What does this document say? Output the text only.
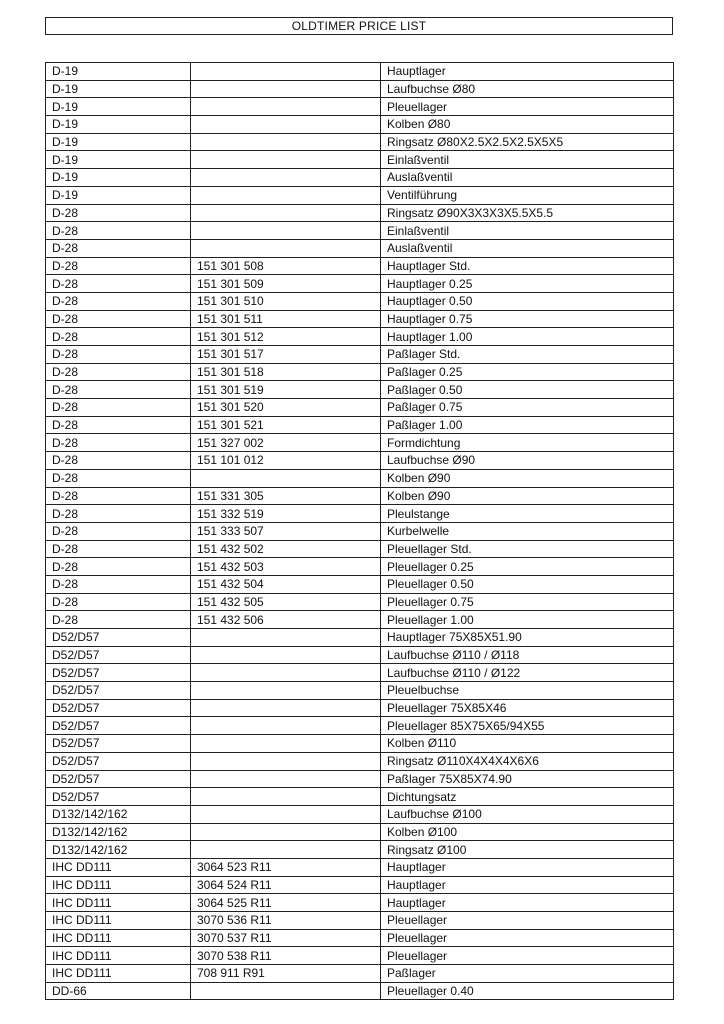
OLDTIMER PRICE LIST
D-19		Hauptlager
D-19		Laufbuchse Ø80
D-19		Pleuellager
D-19		Kolben Ø80
D-19		Ringsatz Ø80X2.5X2.5X2.5X5X5
D-19		Einlaßventil
D-19		Auslaßventil
D-19		Ventilführung
D-28		Ringsatz Ø90X3X3X3X5.5X5.5
D-28		Einlaßventil
D-28		Auslaßventil
D-28	151 301 508	Hauptlager Std.
D-28	151 301 509	Hauptlager 0.25
D-28	151 301 510	Hauptlager 0.50
D-28	151 301 511	Hauptlager 0.75
D-28	151 301 512	Hauptlager 1.00
D-28	151 301 517	Paßlager Std.
D-28	151 301 518	Paßlager 0.25
D-28	151 301 519	Paßlager 0.50
D-28	151 301 520	Paßlager 0.75
D-28	151 301 521	Paßlager 1.00
D-28	151 327 002	Formdichtung
D-28	151 101 012	Laufbuchse Ø90
D-28		Kolben Ø90
D-28	151 331 305	Kolben Ø90
D-28	151 332 519	Pleulstange
D-28	151 333 507	Kurbelwelle
D-28	151 432 502	Pleuellager Std.
D-28	151 432 503	Pleuellager 0.25
D-28	151 432 504	Pleuellager 0.50
D-28	151 432 505	Pleuellager 0.75
D-28	151 432 506	Pleuellager 1.00
D52/D57		Hauptlager 75X85X51.90
D52/D57		Laufbuchse Ø110 / Ø118
D52/D57		Laufbuchse Ø110 / Ø122
D52/D57		Pleuelbuchse
D52/D57		Pleuellager 75X85X46
D52/D57		Pleuellager 85X75X65/94X55
D52/D57		Kolben Ø110
D52/D57		Ringsatz Ø110X4X4X4X6X6
D52/D57		Paßlager 75X85X74.90
D52/D57		Dichtungsatz
D132/142/162		Laufbuchse Ø100
D132/142/162		Kolben Ø100
D132/142/162		Ringsatz Ø100
IHC DD111	3064 523 R11	Hauptlager
IHC DD111	3064 524 R11	Hauptlager
IHC DD111	3064 525 R11	Hauptlager
IHC DD111	3070 536 R11	Pleuellager
IHC DD111	3070 537 R11	Pleuellager
IHC DD111	3070 538 R11	Pleuellager
IHC DD111	708 911 R91	Paßlager
DD-66		Pleuellager 0.40
